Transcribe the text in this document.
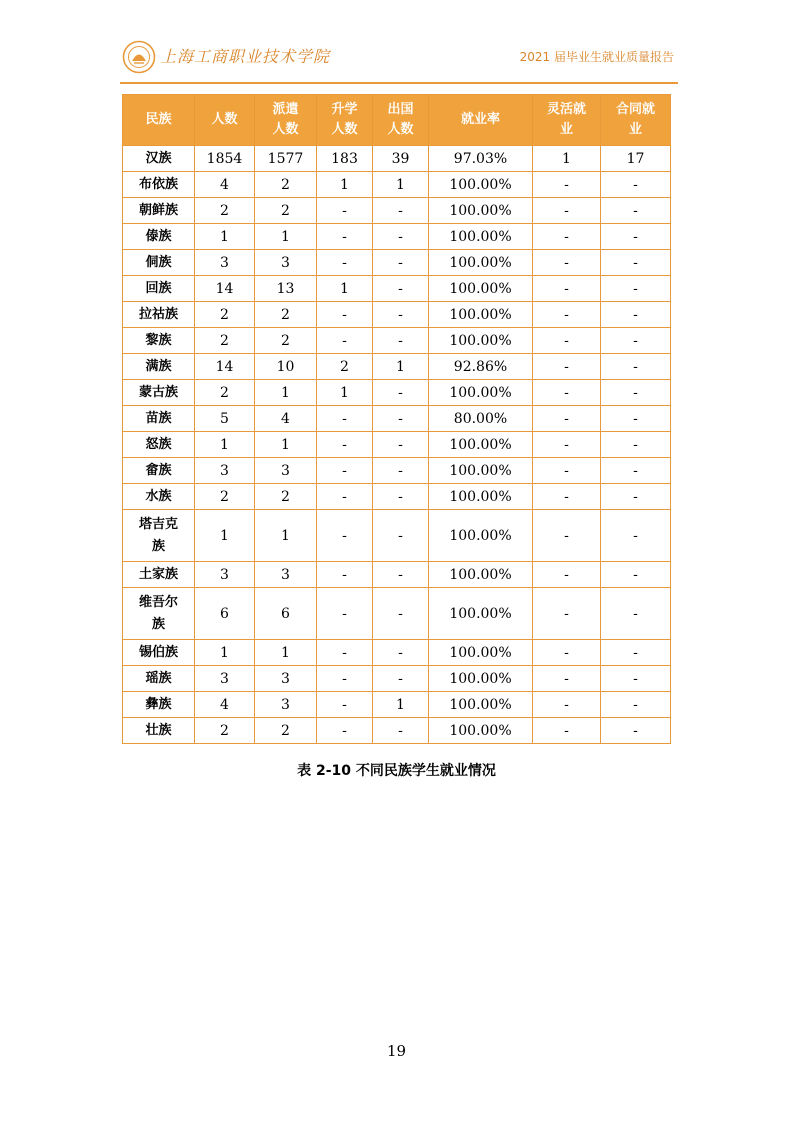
上海工商职业技术学院	2021 届毕业生就业质量报告
民族	人数	派遣人数	升学人数	出国人数	就业率	灵活就业	合同就业
汉族	1854	1577	183	39	97.03%	1	17
布依族	4	2	1	1	100.00%	-	-
朝鲜族	2	2	-	-	100.00%	-	-
傣族	1	1	-	-	100.00%	-	-
侗族	3	3	-	-	100.00%	-	-
回族	14	13	1	-	100.00%	-	-
拉祜族	2	2	-	-	100.00%	-	-
黎族	2	2	-	-	100.00%	-	-
满族	14	10	2	1	92.86%	-	-
蒙古族	2	1	1	-	100.00%	-	-
苗族	5	4	-	-	80.00%	-	-
怒族	1	1	-	-	100.00%	-	-
畲族	3	3	-	-	100.00%	-	-
水族	2	2	-	-	100.00%	-	-
塔吉克族	1	1	-	-	100.00%	-	-
土家族	3	3	-	-	100.00%	-	-
维吾尔族	6	6	-	-	100.00%	-	-
锡伯族	1	1	-	-	100.00%	-	-
瑶族	3	3	-	-	100.00%	-	-
彝族	4	3	-	1	100.00%	-	-
壮族	2	2	-	-	100.00%	-	-
表 2-10 不同民族学生就业情况
19
